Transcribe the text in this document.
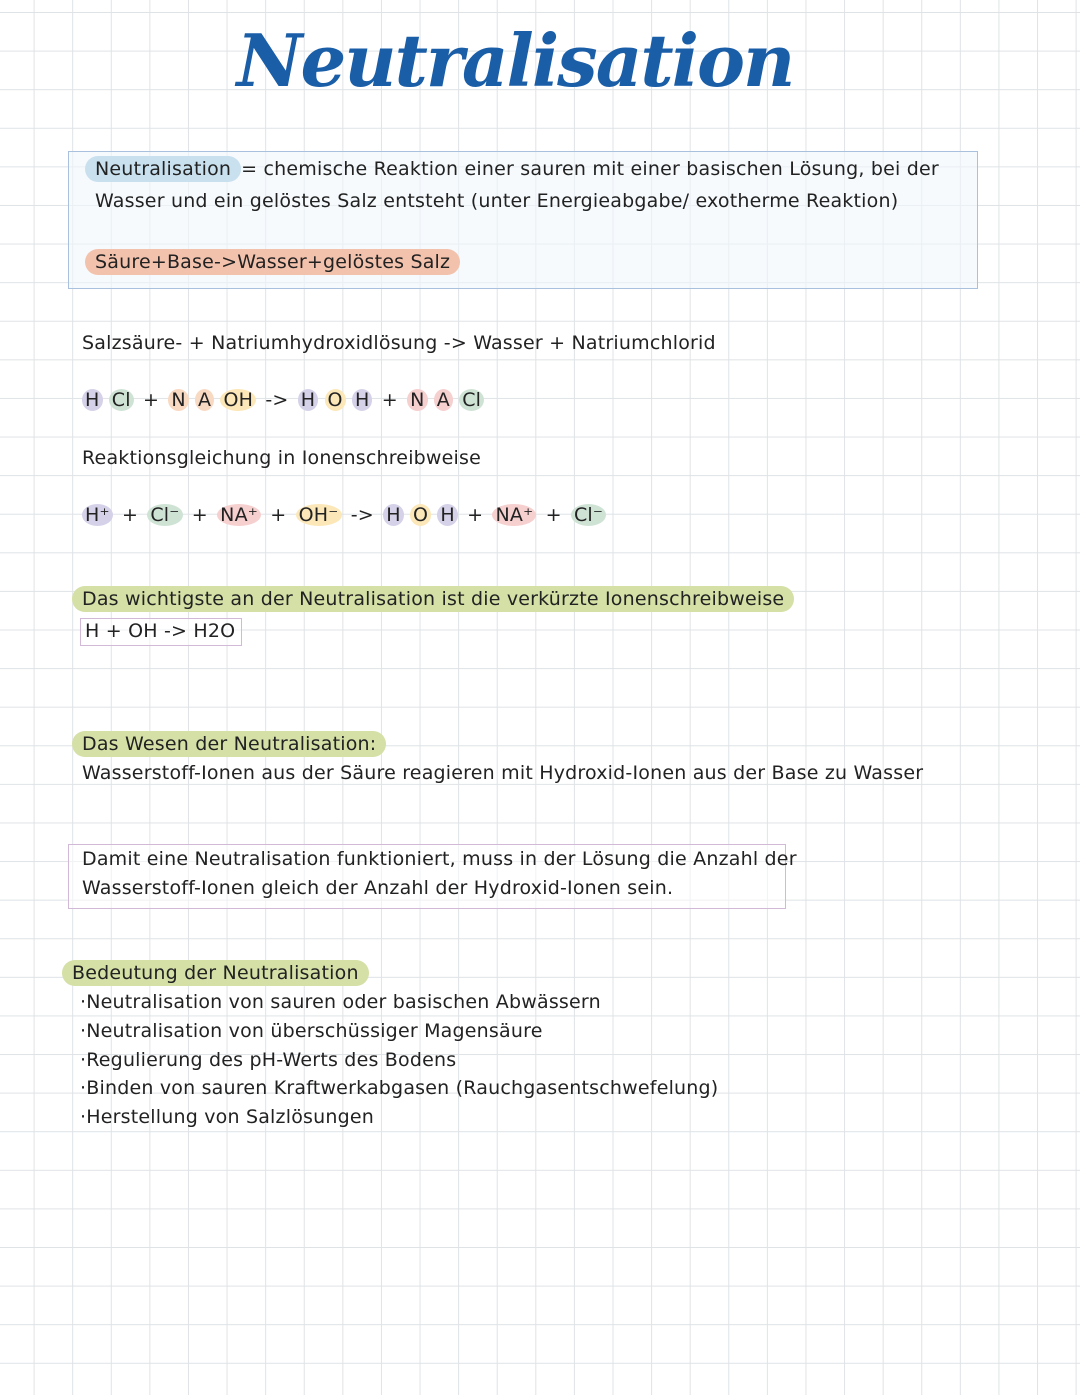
Neutralisation
Neutralisation = chemische Reaktion einer sauren mit einer basischen Lösung, bei der
Wasser und ein gelöstes Salz entsteht (unter Energieabgabe/ exotherme Reaktion)
Säure+Base->Wasser+gelöstes Salz
Salzsäure- + Natriumhydroxidlösung -> Wasser + Natriumchlorid
H Cl + N A OH -> H O H + N A Cl
Reaktionsgleichung in Ionenschreibweise
H⁺ + Cl⁻ + NA⁺ + OH⁻ -> H O H + NA⁺ + Cl⁻
Das wichtigste an der Neutralisation ist die verkürzte Ionenschreibweise
H + OH -> H2O
Das Wesen der Neutralisation:
Wasserstoff-Ionen aus der Säure reagieren mit Hydroxid-Ionen aus der Base zu Wasser
Damit eine Neutralisation funktioniert, muss in der Lösung die Anzahl der
Wasserstoff-Ionen gleich der Anzahl der Hydroxid-Ionen sein.
Bedeutung der Neutralisation
·Neutralisation von sauren oder basischen Abwässern
·Neutralisation von überschüssiger Magensäure
·Regulierung des pH-Werts des Bodens
·Binden von sauren Kraftwerkabgasen (Rauchgasentschwefelung)
·Herstellung von Salzlösungen
